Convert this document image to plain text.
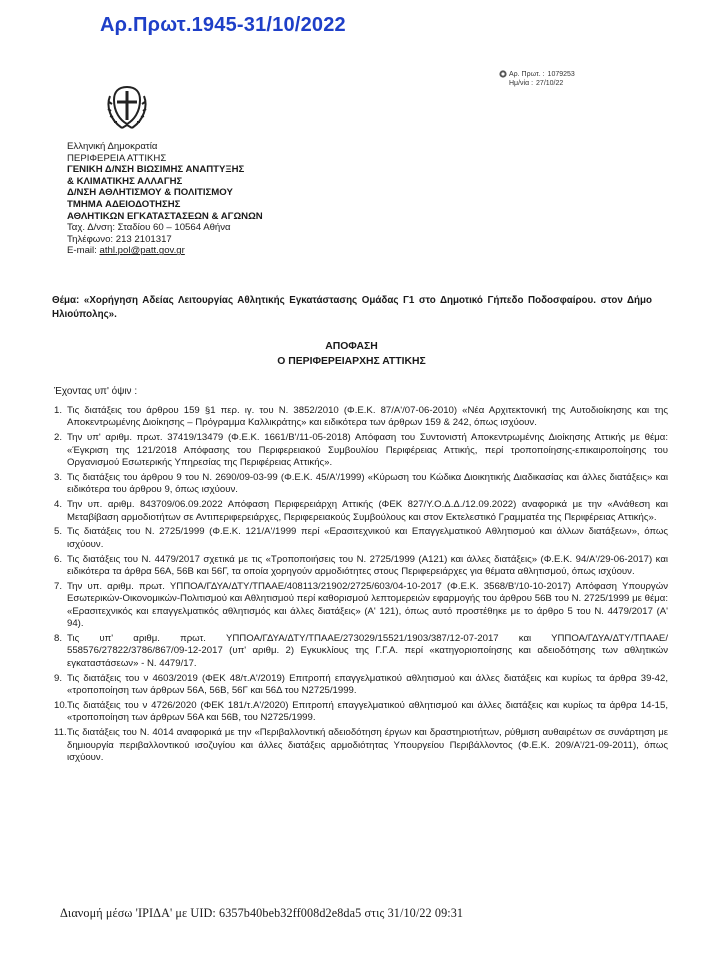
Αρ.Πρωτ.1945-31/10/2022
Αρ. Πρωτ. : 1079253
Ημ/νία : 27/10/22
Ελληνική Δημοκρατία
ΠΕΡΙΦΕΡΕΙΑ ΑΤΤΙΚΗΣ
ΓΕΝΙΚΗ Δ/ΝΣΗ ΒΙΩΣΙΜΗΣ ΑΝΑΠΤΥΞΗΣ
& ΚΛΙΜΑΤΙΚΗΣ ΑΛΛΑΓΗΣ
Δ/ΝΣΗ ΑΘΛΗΤΙΣΜΟΥ & ΠΟΛΙΤΙΣΜΟΥ
ΤΜΗΜΑ ΑΔΕΙΟΔΟΤΗΣΗΣ
ΑΘΛΗΤΙΚΩΝ ΕΓΚΑΤΑΣΤΑΣΕΩΝ & ΑΓΩΝΩΝ
Ταχ. Δ/νση: Σταδίου 60 – 10564 Αθήνα
Τηλέφωνο: 213 2101317
E-mail: athl.pol@patt.gov.gr
Θέμα: «Χορήγηση Αδείας Λειτουργίας Αθλητικής Εγκατάστασης Ομάδας Γ1 στο Δημοτικό Γήπεδο Ποδοσφαίρου. στον Δήμο Ηλιούπολης».
ΑΠΟΦΑΣΗ
Ο ΠΕΡΙΦΕΡΕΙΑΡΧΗΣ ΑΤΤΙΚΗΣ
Έχοντας υπ' όψιν :
1. Τις διατάξεις του άρθρου 159 §1 περ. ιγ. του Ν. 3852/2010 (Φ.Ε.Κ. 87/Α'/07-06-2010) «Νέα Αρχιτεκτονική της Αυτοδιοίκησης και της Αποκεντρωμένης Διοίκησης – Πρόγραμμα Καλλικράτης» και ειδικότερα των άρθρων 159 & 242, όπως ισχύουν.
2. Την υπ' αριθμ. πρωτ. 37419/13479 (Φ.Ε.Κ. 1661/Β'/11-05-2018) Απόφαση του Συντονιστή Αποκεντρωμένης Διοίκησης Αττικής με θέμα: «Έγκριση της 121/2018 Απόφασης του Περιφερειακού Συμβουλίου Περιφέρειας Αττικής, περί τροποποίησης-επικαιροποίησης του Οργανισμού Εσωτερικής Υπηρεσίας της Περιφέρειας Αττικής».
3. Τις διατάξεις του άρθρου 9 του Ν. 2690/09-03-99 (Φ.Ε.Κ. 45/Α'/1999) «Κύρωση του Κώδικα Διοικητικής Διαδικασίας και άλλες διατάξεις» και ειδικότερα του άρθρου 9, όπως ισχύουν.
4. Την υπ. αριθμ. 843709/06.09.2022 Απόφαση Περιφερειάρχη Αττικής (ΦΕΚ 827/Υ.Ο.Δ.Δ./12.09.2022) αναφορικά με την «Ανάθεση και Μεταβίβαση αρμοδιοτήτων σε Αντιπεριφερειάρχες, Περιφερειακούς Συμβούλους και στον Εκτελεστικό Γραμματέα της Περιφέρειας Αττικής».
5. Τις διατάξεις του Ν. 2725/1999 (Φ.Ε.Κ. 121/Α'/1999 περί «Ερασιτεχνικού και Επαγγελματικού Αθλητισμού και άλλων διατάξεων», όπως ισχύουν.
6. Τις διατάξεις του Ν. 4479/2017 σχετικά με τις «Τροποποιήσεις του Ν. 2725/1999 (Α121) και άλλες διατάξεις» (Φ.Ε.Κ. 94/Α'/29-06-2017) και ειδικότερα τα άρθρα 56Α, 56Β και 56Γ, τα οποία χορηγούν αρμοδιότητες στους Περιφερειάρχες για θέματα αθλητισμού, όπως ισχύουν.
7. Την υπ. αριθμ. πρωτ. ΥΠΠΟΑ/ΓΔΥΑ/ΔΤΥ/ΤΠΑΑΕ/408113/21902/2725/603/04-10-2017 (Φ.Ε.Κ. 3568/Β'/10-10-2017) Απόφαση Υπουργών Εσωτερικών-Οικονομικών-Πολιτισμού και Αθλητισμού περί καθορισμού λεπτομερειών εφαρμογής του άρθρου 56Β του Ν. 2725/1999 με θέμα: «Ερασιτεχνικός και επαγγελματικός αθλητισμός και άλλες διατάξεις» (Α' 121), όπως αυτό προστέθηκε με το άρθρο 5 του Ν. 4479/2017 (Α' 94).
8. Τις υπ' αριθμ. πρωτ. ΥΠΠΟΑ/ΓΔΥΑ/ΔΤΥ/ΤΠΑΑΕ/273029/15521/1903/387/12-07-2017 και ΥΠΠΟΑ/ΓΔΥΑ/ΔΤΥ/ΤΠΑΑΕ/ 558576/27822/3786/867/09-12-2017 (υπ' αριθμ. 2) Εγκυκλίους της Γ.Γ.Α. περί «κατηγοριοποίησης και αδειοδότησης των αθλητικών εγκαταστάσεων» - Ν. 4479/17.
9. Τις διατάξεις του ν 4603/2019 (ΦΕΚ 48/τ.Α'/2019) Επιτροπή επαγγελματικού αθλητισμού και άλλες διατάξεις και κυρίως τα άρθρα 39-42, «τροποποίηση των άρθρων 56Α, 56Β, 56Γ και 56Δ του Ν2725/1999.
10. Τις διατάξεις του ν 4726/2020 (ΦΕΚ 181/τ.Α'/2020) Επιτροπή επαγγελματικού αθλητισμού και άλλες διατάξεις και κυρίως τα άρθρα 14-15, «τροποποίηση των άρθρων 56Α και 56Β, του Ν2725/1999.
11. Τις διατάξεις του Ν. 4014 αναφορικά με την «Περιβαλλοντική αδειοδότηση έργων και δραστηριοτήτων, ρύθμιση αυθαιρέτων σε συνάρτηση με δημιουργία περιβαλλοντικού ισοζυγίου και άλλες διατάξεις αρμοδιότητας Υπουργείου Περιβάλλοντος (Φ.Ε.Κ. 209/Α'/21-09-2011), όπως ισχύουν.
Διανομή μέσω 'ΙΡΙΔΑ' με UID: 6357b40beb32ff008d2e8da5 στις 31/10/22 09:31
